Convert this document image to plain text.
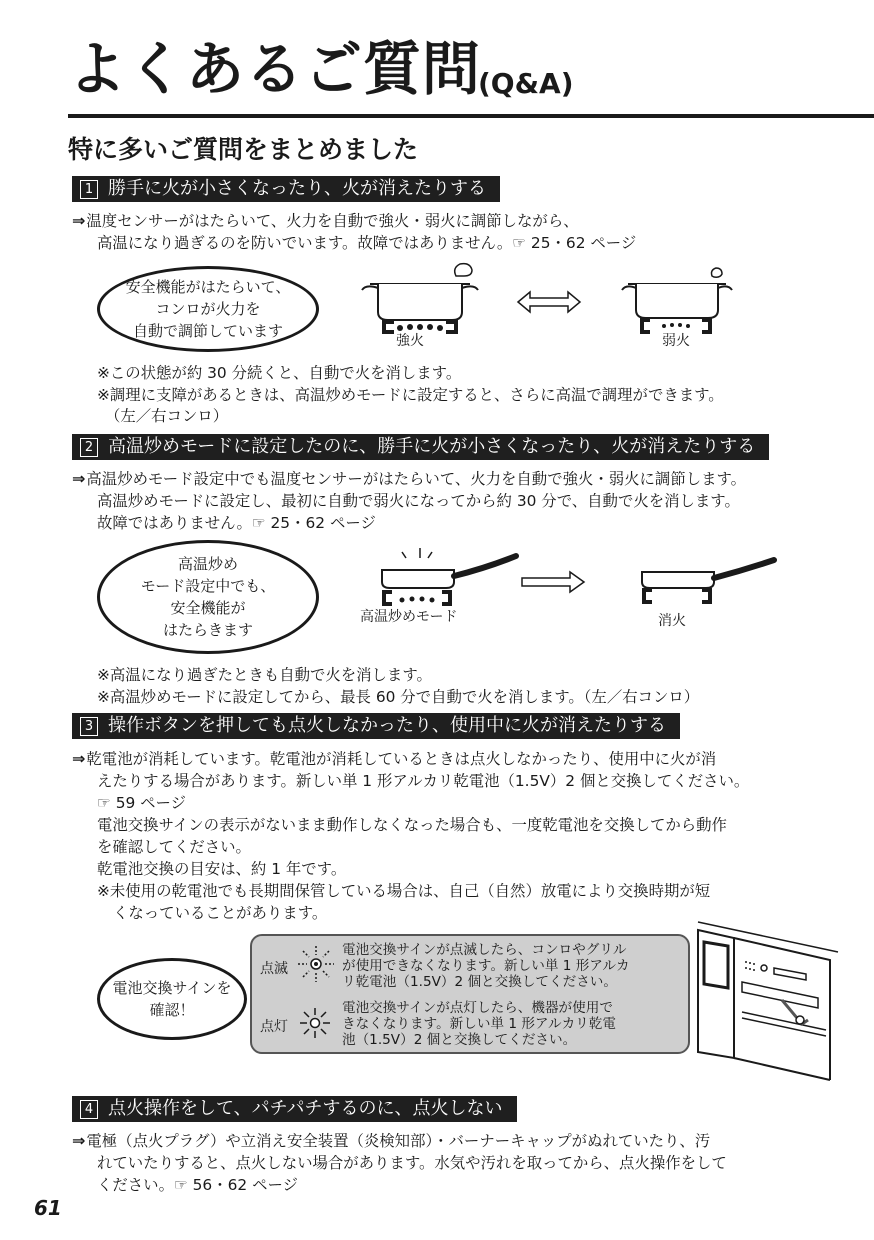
よくあるご質問
(Q&A)
特に多いご質問をまとめました
1 勝手に火が小さくなったり、火が消えたりする
⇒温度センサーがはたらいて、火力を自動で強火・弱火に調節しながら、
高温になり過ぎるのを防いでいます。故障ではありません。☞ 25・62 ページ
安全機能がはたらいて、
コンロが火力を
自動で調節しています
強火	弱火
※この状態が約 30 分続くと、自動で火を消します。
※調理に支障があるときは、高温炒めモードに設定すると、さらに高温で調理ができます。
（左／右コンロ）
2 高温炒めモードに設定したのに、勝手に火が小さくなったり、火が消えたりする
⇒高温炒めモード設定中でも温度センサーがはたらいて、火力を自動で強火・弱火に調節します。
高温炒めモードに設定し、最初に自動で弱火になってから約 30 分で、自動で火を消します。
故障ではありません。☞ 25・62 ページ
高温炒め
モード設定中でも、
安全機能が
はたらきます
高温炒めモード	消火
※高温になり過ぎたときも自動で火を消します。
※高温炒めモードに設定してから、最長 60 分で自動で火を消します。（左／右コンロ）
3 操作ボタンを押しても点火しなかったり、使用中に火が消えたりする
⇒乾電池が消耗しています。乾電池が消耗しているときは点火しなかったり、使用中に火が消
えたりする場合があります。新しい単 1 形アルカリ乾電池（1.5V）2 個と交換してください。
☞ 59 ページ
電池交換サインの表示がないまま動作しなくなった場合も、一度乾電池を交換してから動作
を確認してください。
乾電池交換の目安は、約 1 年です。
※未使用の乾電池でも長期間保管している場合は、自己（自然）放電により交換時期が短
くなっていることがあります。
電池交換サインを
確認！
点滅
電池交換サインが点滅したら、コンロやグリル
が使用できなくなります。新しい単 1 形アルカ
リ乾電池（1.5V）2 個と交換してください。
点灯
電池交換サインが点灯したら、機器が使用で
きなくなります。新しい単 1 形アルカリ乾電
池（1.5V）2 個と交換してください。
4 点火操作をして、パチパチするのに、点火しない
⇒電極（点火プラグ）や立消え安全装置（炎検知部）・バーナーキャップがぬれていたり、汚
れていたりすると、点火しない場合があります。水気や汚れを取ってから、点火操作をして
ください。☞ 56・62 ページ
61
